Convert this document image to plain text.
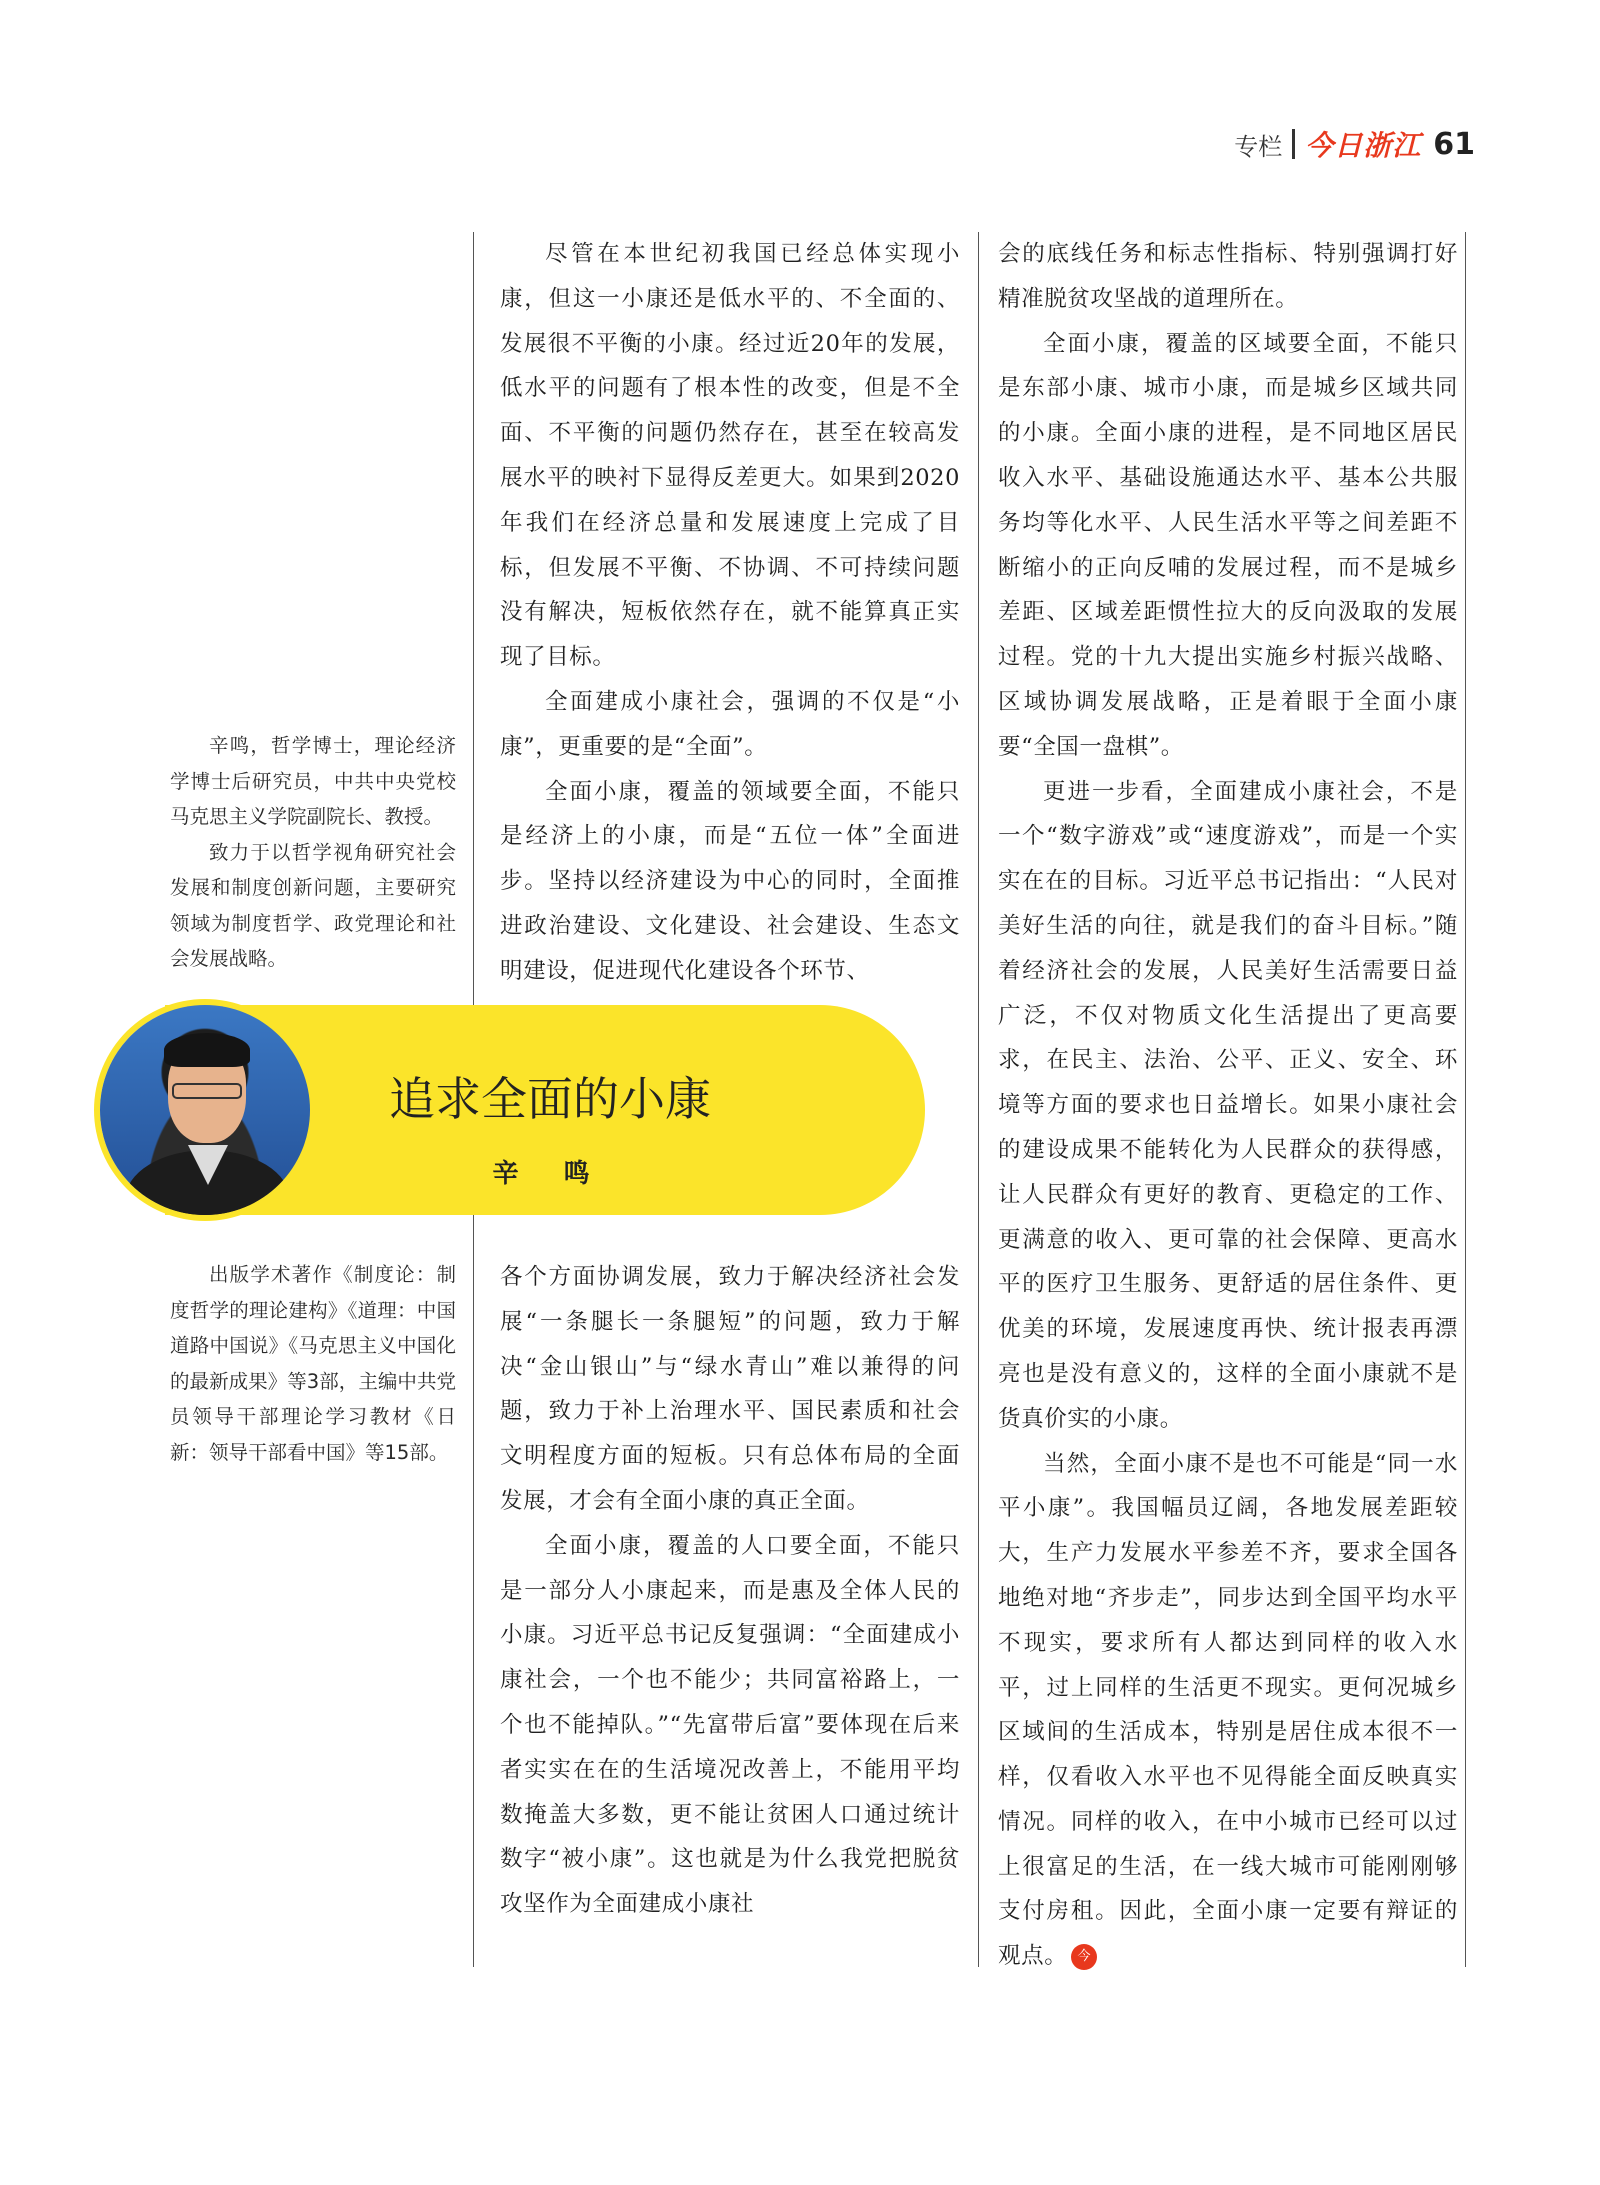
专栏 今日浙江 61

辛鸣，哲学博士，理论经济学博士后研究员，中共中央党校马克思主义学院副院长、教授。

致力于以哲学视角研究社会发展和制度创新问题，主要研究领域为制度哲学、政党理论和社会发展战略。

出版学术著作《制度论：制度哲学的理论建构》《道理：中国道路中国说》《马克思主义中国化的最新成果》等3部，主编中共党员领导干部理论学习教材《日新：领导干部看中国》等15部。

尽管在本世纪初我国已经总体实现小康，但这一小康还是低水平的、不全面的、发展很不平衡的小康。经过近20年的发展，低水平的问题有了根本性的改变，但是不全面、不平衡的问题仍然存在，甚至在较高发展水平的映衬下显得反差更大。如果到2020年我们在经济总量和发展速度上完成了目标，但发展不平衡、不协调、不可持续问题没有解决，短板依然存在，就不能算真正实现了目标。

全面建成小康社会，强调的不仅是“小康”，更重要的是“全面”。

全面小康，覆盖的领域要全面，不能只是经济上的小康，而是“五位一体”全面进步。坚持以经济建设为中心的同时，全面推进政治建设、文化建设、社会建设、生态文明建设，促进现代化建设各个环节、

各个方面协调发展，致力于解决经济社会发展“一条腿长一条腿短”的问题，致力于解决“金山银山”与“绿水青山”难以兼得的问题，致力于补上治理水平、国民素质和社会文明程度方面的短板。只有总体布局的全面发展，才会有全面小康的真正全面。

全面小康，覆盖的人口要全面，不能只是一部分人小康起来，而是惠及全体人民的小康。习近平总书记反复强调：“全面建成小康社会，一个也不能少；共同富裕路上，一个也不能掉队。”“先富带后富”要体现在后来者实实在在的生活境况改善上，不能用平均数掩盖大多数，更不能让贫困人口通过统计数字“被小康”。这也就是为什么我党把脱贫攻坚作为全面建成小康社

会的底线任务和标志性指标、特别强调打好精准脱贫攻坚战的道理所在。

全面小康，覆盖的区域要全面，不能只是东部小康、城市小康，而是城乡区域共同的小康。全面小康的进程，是不同地区居民收入水平、基础设施通达水平、基本公共服务均等化水平、人民生活水平等之间差距不断缩小的正向反哺的发展过程，而不是城乡差距、区域差距惯性拉大的反向汲取的发展过程。党的十九大提出实施乡村振兴战略、区域协调发展战略，正是着眼于全面小康要“全国一盘棋”。

更进一步看，全面建成小康社会，不是一个“数字游戏”或“速度游戏”，而是一个实实在在的目标。习近平总书记指出：“人民对美好生活的向往，就是我们的奋斗目标。”随着经济社会的发展，人民美好生活需要日益广泛，不仅对物质文化生活提出了更高要求，在民主、法治、公平、正义、安全、环境等方面的要求也日益增长。如果小康社会的建设成果不能转化为人民群众的获得感，让人民群众有更好的教育、更稳定的工作、更满意的收入、更可靠的社会保障、更高水平的医疗卫生服务、更舒适的居住条件、更优美的环境，发展速度再快、统计报表再漂亮也是没有意义的，这样的全面小康就不是货真价实的小康。

当然，全面小康不是也不可能是“同一水平小康”。我国幅员辽阔，各地发展差距较大，生产力发展水平参差不齐，要求全国各地绝对地“齐步走”，同步达到全国平均水平不现实，要求所有人都达到同样的收入水平，过上同样的生活更不现实。更何况城乡区域间的生活成本，特别是居住成本很不一样，仅看收入水平也不见得能全面反映真实情况。同样的收入，在中小城市已经可以过上很富足的生活，在一线大城市可能刚刚够支付房租。因此，全面小康一定要有辩证的观点。 今

追求全面的小康
辛 鸣
